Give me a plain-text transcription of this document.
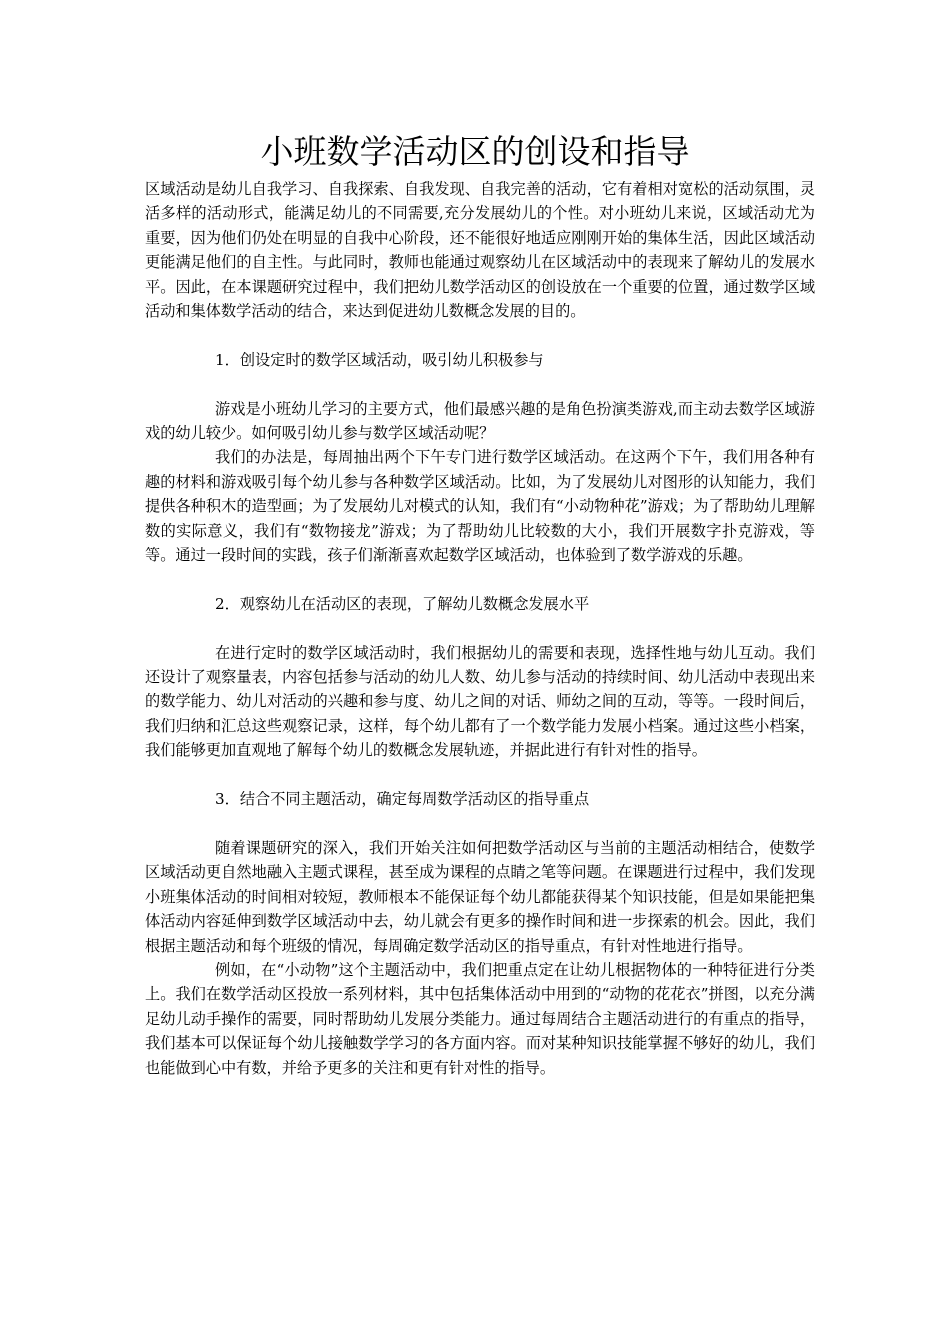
小班数学活动区的创设和指导

区域活动是幼儿自我学习、自我探索、自我发现、自我完善的活动，它有着相对宽松的活动氛围，灵活多样的活动形式，能满足幼儿的不同需要,充分发展幼儿的个性。对小班幼儿来说，区域活动尤为重要，因为他们仍处在明显的自我中心阶段，还不能很好地适应刚刚开始的集体生活，因此区域活动更能满足他们的自主性。与此同时，教师也能通过观察幼儿在区域活动中的表现来了解幼儿的发展水平。因此，在本课题研究过程中，我们把幼儿数学活动区的创设放在一个重要的位置，通过数学区域活动和集体数学活动的结合，来达到促进幼儿数概念发展的目的。

1．创设定时的数学区域活动，吸引幼儿积极参与

游戏是小班幼儿学习的主要方式，他们最感兴趣的是角色扮演类游戏,而主动去数学区域游戏的幼儿较少。如何吸引幼儿参与数学区域活动呢？

我们的办法是，每周抽出两个下午专门进行数学区域活动。在这两个下午，我们用各种有趣的材料和游戏吸引每个幼儿参与各种数学区域活动。比如，为了发展幼儿对图形的认知能力，我们提供各种积木的造型画；为了发展幼儿对模式的认知，我们有“小动物种花”游戏；为了帮助幼儿理解数的实际意义，我们有“数物接龙”游戏；为了帮助幼儿比较数的大小，我们开展数字扑克游戏，等等。通过一段时间的实践，孩子们渐渐喜欢起数学区域活动，也体验到了数学游戏的乐趣。

2．观察幼儿在活动区的表现，了解幼儿数概念发展水平

在进行定时的数学区域活动时，我们根据幼儿的需要和表现，选择性地与幼儿互动。我们还设计了观察量表，内容包括参与活动的幼儿人数、幼儿参与活动的持续时间、幼儿活动中表现出来的数学能力、幼儿对活动的兴趣和参与度、幼儿之间的对话、师幼之间的互动，等等。一段时间后，我们归纳和汇总这些观察记录，这样，每个幼儿都有了一个数学能力发展小档案。通过这些小档案，我们能够更加直观地了解每个幼儿的数概念发展轨迹，并据此进行有针对性的指导。

3．结合不同主题活动，确定每周数学活动区的指导重点

随着课题研究的深入，我们开始关注如何把数学活动区与当前的主题活动相结合，使数学区域活动更自然地融入主题式课程，甚至成为课程的点睛之笔等问题。在课题进行过程中，我们发现小班集体活动的时间相对较短，教师根本不能保证每个幼儿都能获得某个知识技能，但是如果能把集体活动内容延伸到数学区域活动中去，幼儿就会有更多的操作时间和进一步探索的机会。因此，我们根据主题活动和每个班级的情况，每周确定数学活动区的指导重点，有针对性地进行指导。

例如，在“小动物”这个主题活动中，我们把重点定在让幼儿根据物体的一种特征进行分类上。我们在数学活动区投放一系列材料，其中包括集体活动中用到的“动物的花花衣”拼图，以充分满足幼儿动手操作的需要，同时帮助幼儿发展分类能力。通过每周结合主题活动进行的有重点的指导，我们基本可以保证每个幼儿接触数学学习的各方面内容。而对某种知识技能掌握不够好的幼儿，我们也能做到心中有数，并给予更多的关注和更有针对性的指导。
